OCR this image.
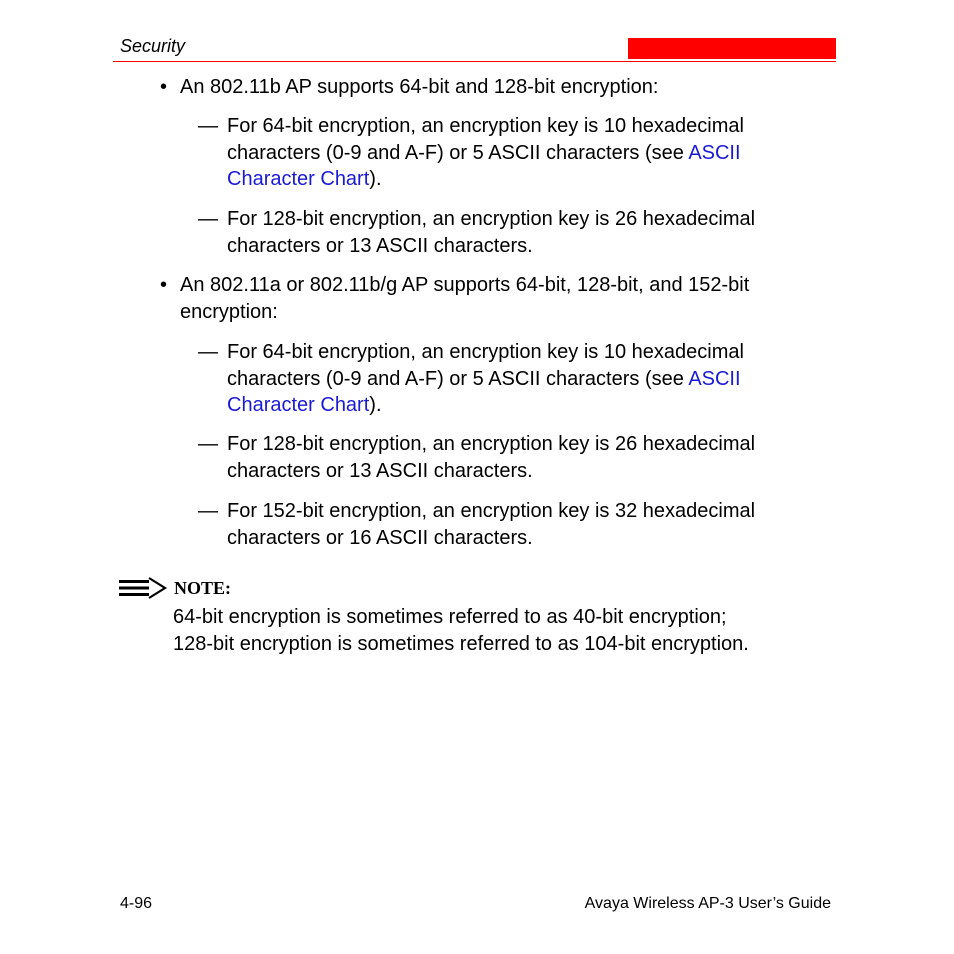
Security
• An 802.11b AP supports 64-bit and 128-bit encryption:
— For 64-bit encryption, an encryption key is 10 hexadecimal characters (0-9 and A-F) or 5 ASCII characters (see ASCII Character Chart).
— For 128-bit encryption, an encryption key is 26 hexadecimal characters or 13 ASCII characters.
• An 802.11a or 802.11b/g AP supports 64-bit, 128-bit, and 152-bit encryption:
— For 64-bit encryption, an encryption key is 10 hexadecimal characters (0-9 and A-F) or 5 ASCII characters (see ASCII Character Chart).
— For 128-bit encryption, an encryption key is 26 hexadecimal characters or 13 ASCII characters.
— For 152-bit encryption, an encryption key is 32 hexadecimal characters or 16 ASCII characters.
NOTE:
64-bit encryption is sometimes referred to as 40-bit encryption;
128-bit encryption is sometimes referred to as 104-bit encryption.
4-96	Avaya Wireless AP-3 User’s Guide
